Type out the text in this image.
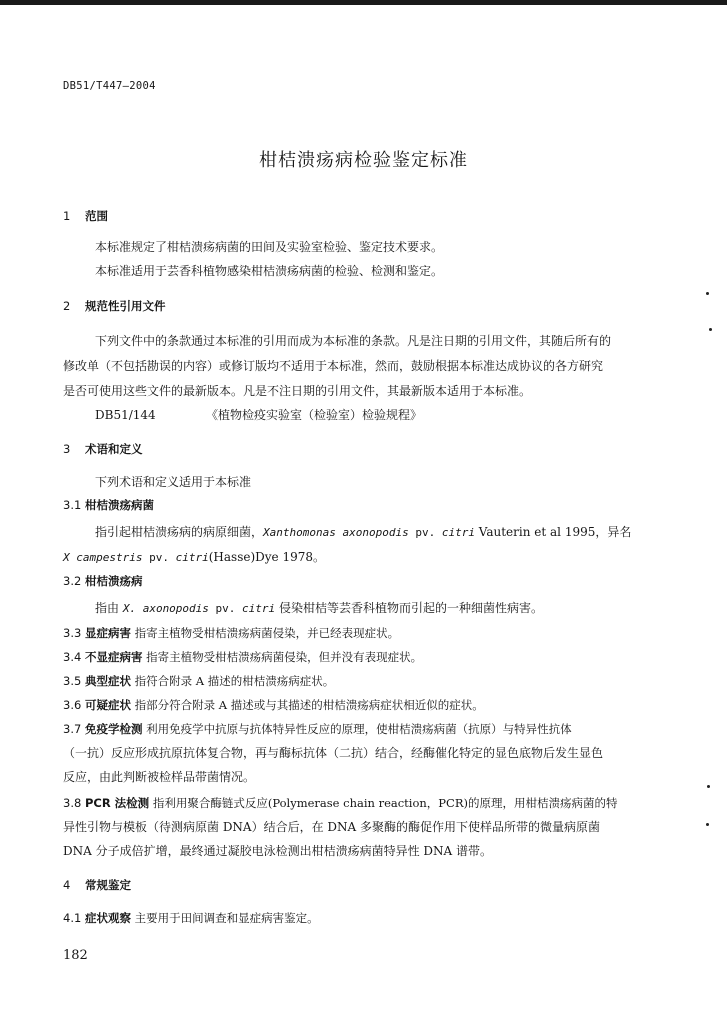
DB51/T447—2004
柑桔溃疡病检验鉴定标准
1 范围
本标准规定了柑桔溃疡病菌的田间及实验室检验、鉴定技术要求。
本标准适用于芸香科植物感染柑桔溃疡病菌的检验、检测和鉴定。
2 规范性引用文件
下列文件中的条款通过本标准的引用而成为本标准的条款。凡是注日期的引用文件，其随后所有的
修改单（不包括勘误的内容）或修订版均不适用于本标准，然而，鼓励根据本标准达成协议的各方研究
是否可使用这些文件的最新版本。凡是不注日期的引用文件，其最新版本适用于本标准。
DB51/144	《植物检疫实验室（检验室）检验规程》
3 术语和定义
下列术语和定义适用于本标准
3.1 柑桔溃疡病菌
指引起柑桔溃疡病的病原细菌，Xanthomonas axonopodis pv. citri Vauterin et al 1995，异名
X campestris pv. citri(Hasse)Dye 1978。
3.2 柑桔溃疡病
指由 X. axonopodis pv. citri 侵染柑桔等芸香科植物而引起的一种细菌性病害。
3.3 显症病害 指寄主植物受柑桔溃疡病菌侵染，并已经表现症状。
3.4 不显症病害 指寄主植物受柑桔溃疡病菌侵染，但并没有表现症状。
3.5 典型症状 指符合附录 A 描述的柑桔溃疡病症状。
3.6 可疑症状 指部分符合附录 A 描述或与其描述的柑桔溃疡病症状相近似的症状。
3.7 免疫学检测 利用免疫学中抗原与抗体特异性反应的原理，使柑桔溃疡病菌（抗原）与特异性抗体
（一抗）反应形成抗原抗体复合物，再与酶标抗体（二抗）结合，经酶催化特定的显色底物后发生显色
反应，由此判断被检样品带菌情况。
3.8 PCR 法检测 指利用聚合酶链式反应(Polymerase chain reaction，PCR)的原理，用柑桔溃疡病菌的特
异性引物与模板（待测病原菌 DNA）结合后，在 DNA 多聚酶的酶促作用下使样品所带的微量病原菌
DNA 分子成倍扩增，最终通过凝胶电泳检测出柑桔溃疡病菌特异性 DNA 谱带。
4 常规鉴定
4.1 症状观察 主要用于田间调查和显症病害鉴定。
182
